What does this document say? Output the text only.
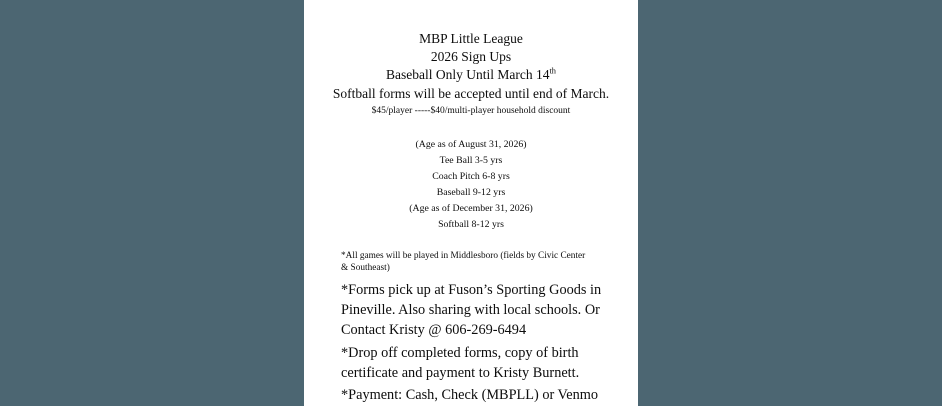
MBP Little League
2026 Sign Ups
Baseball Only Until March 14th
Softball forms will be accepted until end of March.
$45/player -----$40/multi-player household discount
(Age as of August 31, 2026)
Tee Ball 3-5 yrs
Coach Pitch 6-8 yrs
Baseball 9-12 yrs
(Age as of December 31, 2026)
Softball 8-12 yrs

*All games will be played in Middlesboro (fields by Civic Center & Southeast)

*Forms pick up at Fuson’s Sporting Goods in Pineville. Also sharing with local schools. Or Contact Kristy @ 606-269-6494

*Drop off completed forms, copy of birth certificate and payment to Kristy Burnett.

*Payment: Cash, Check (MBPLL) or Venmo
